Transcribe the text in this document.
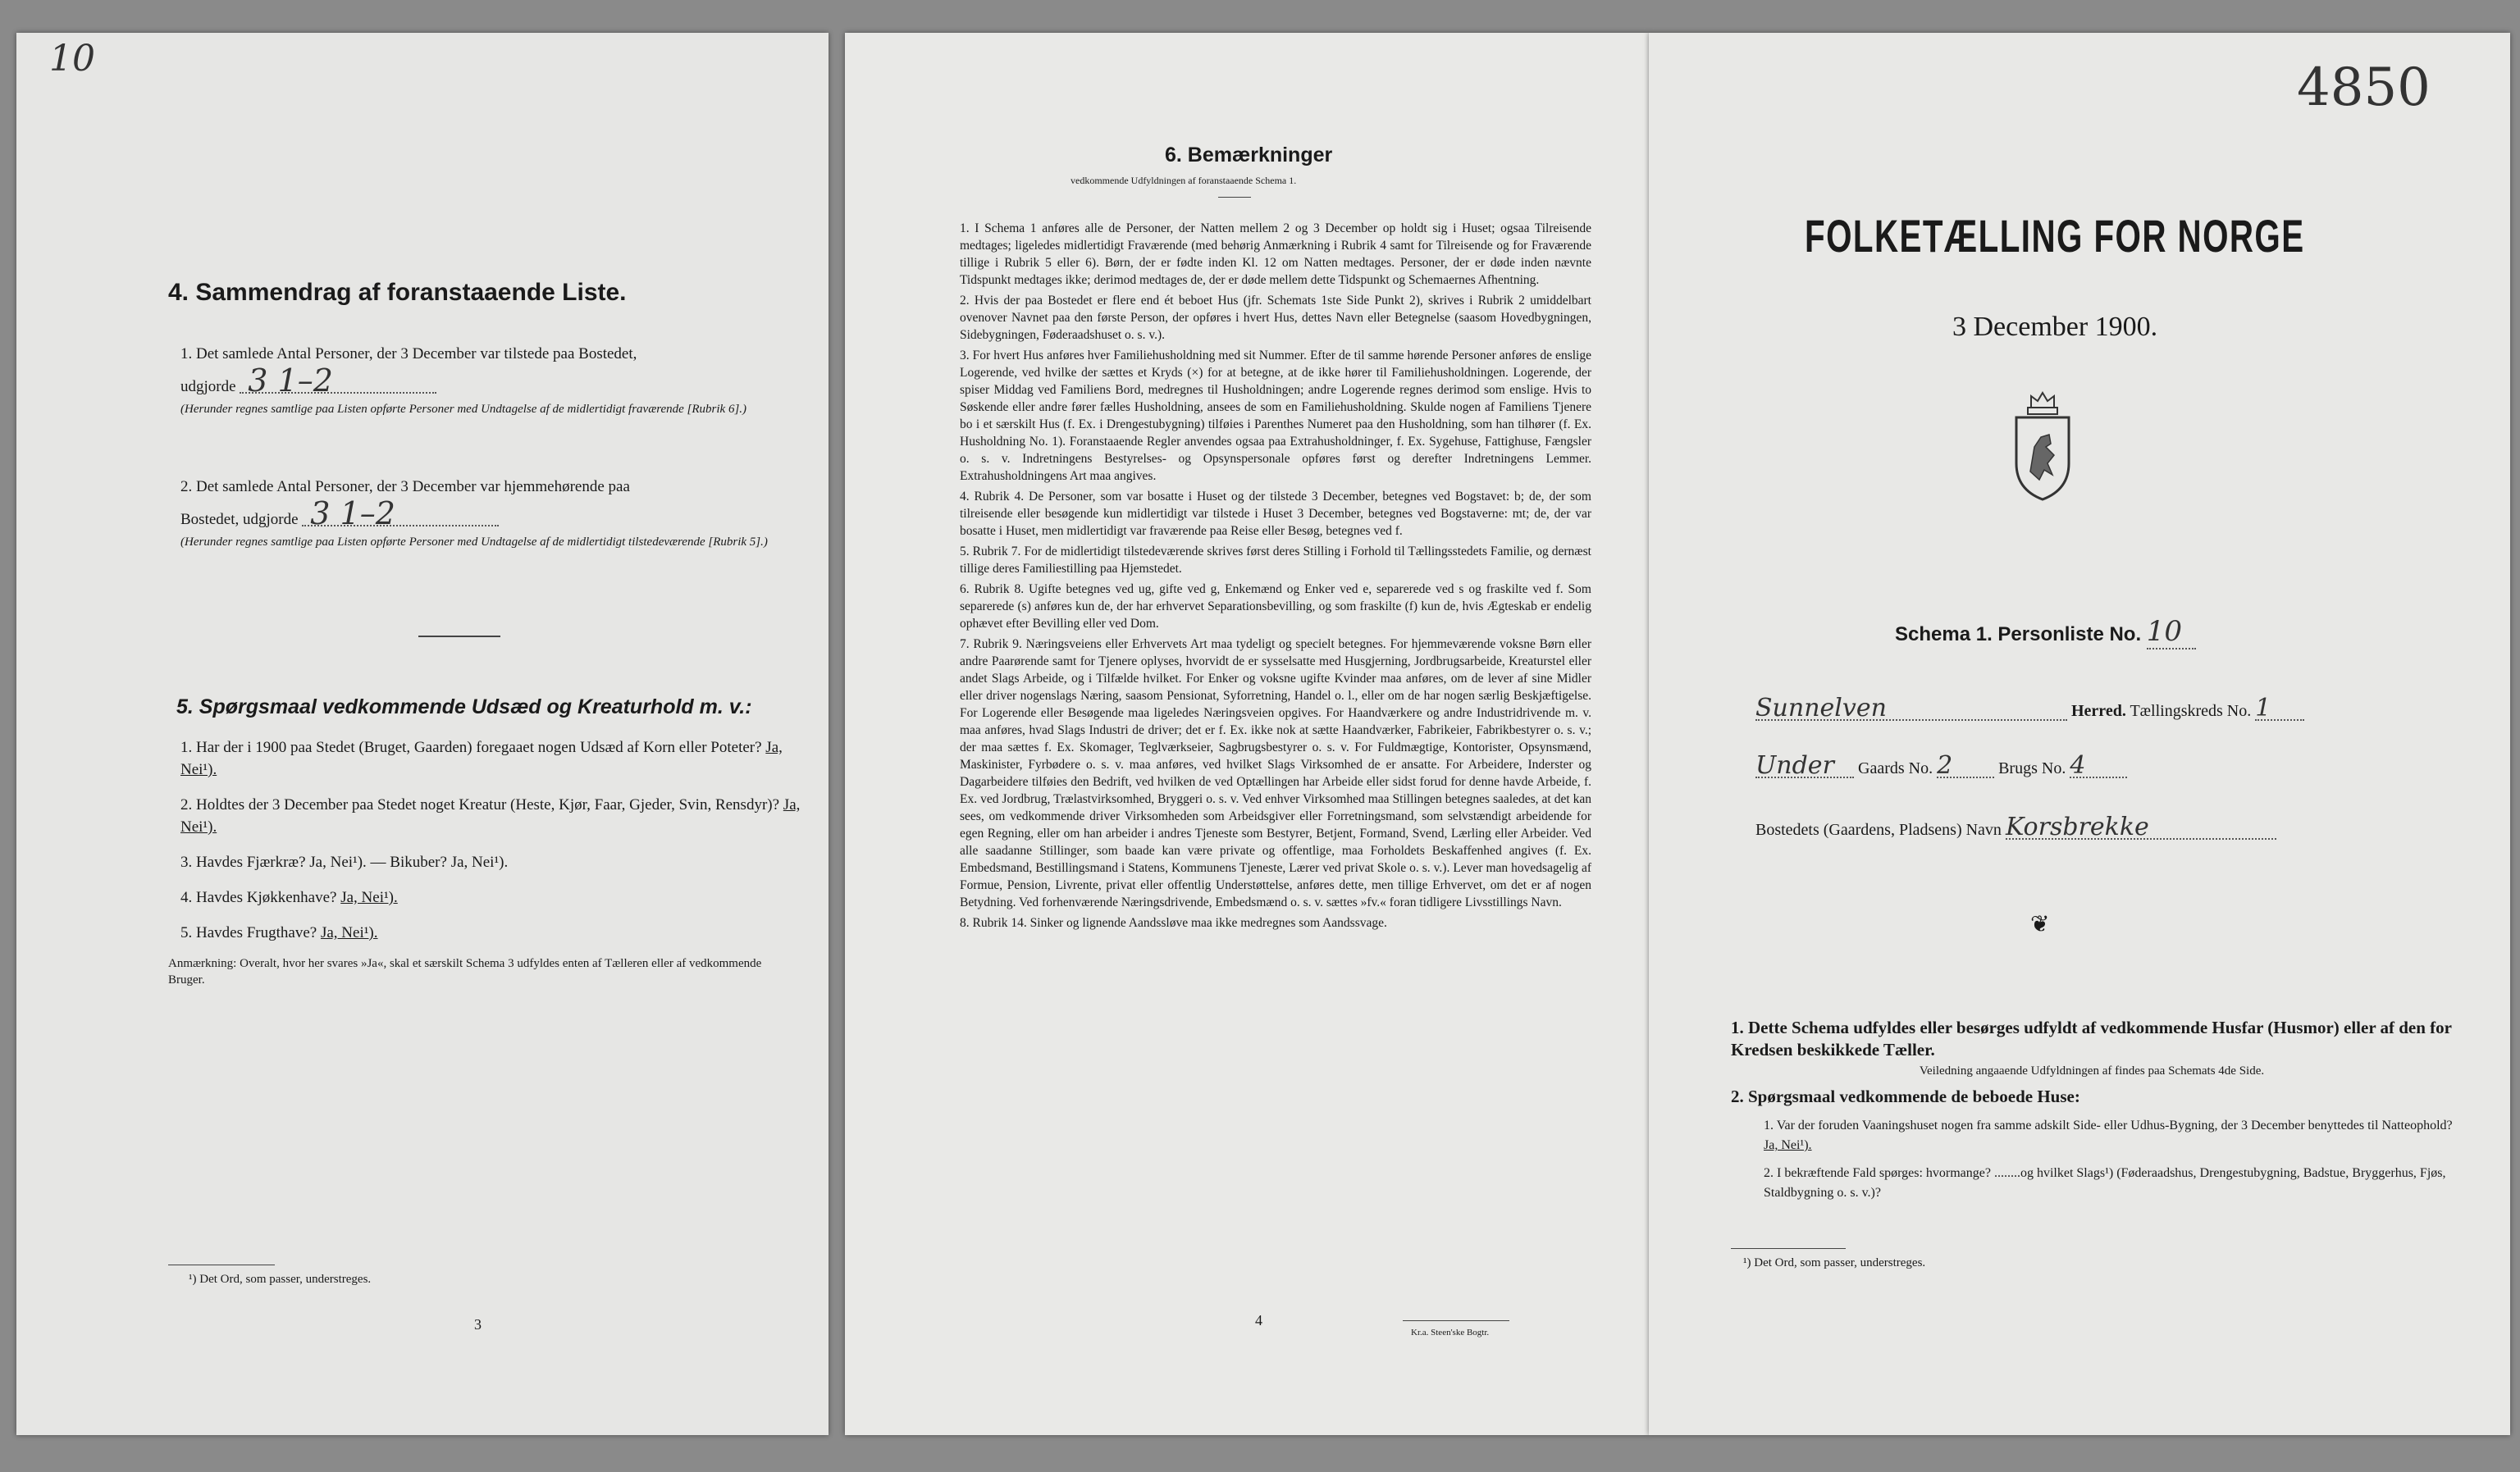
10
4. Sammendrag af foranstaaende Liste.
1. Det samlede Antal Personer, der 3 December var tilstede paa Bostedet,
udgjorde 3 1–2
(Herunder regnes samtlige paa Listen opførte Personer med Undtagelse af de midlertidigt fraværende [Rubrik 6].)
2. Det samlede Antal Personer, der 3 December var hjemmehørende paa
Bostedet, udgjorde 3 1–2
(Herunder regnes samtlige paa Listen opførte Personer med Undtagelse af de midlertidigt tilstedeværende [Rubrik 5].)
5. Spørgsmaal vedkommende Udsæd og Kreaturhold m. v.:
1. Har der i 1900 paa Stedet (Bruget, Gaarden) foregaaet nogen Udsæd af Korn eller Poteter? Ja, Nei¹).
2. Holdtes der 3 December paa Stedet noget Kreatur (Heste, Kjør, Faar, Gjeder, Svin, Rensdyr)? Ja, Nei¹).
3. Havdes Fjærkræ? Ja, Nei¹). — Bikuber? Ja, Nei¹).
4. Havdes Kjøkkenhave? Ja, Nei¹).
5. Havdes Frugthave? Ja, Nei¹).
Anmærkning: Overalt, hvor her svares »Ja«, skal et særskilt Schema 3 udfyldes enten af Tælleren eller af vedkommende Bruger.
¹) Det Ord, som passer, understreges.
3
6. Bemærkninger
vedkommende Udfyldningen af foranstaaende Schema 1.
1. I Schema 1 anføres alle de Personer, der Natten mellem 2 og 3 December op holdt sig i Huset; ogsaa Tilreisende medtages; ligeledes midlertidigt Fraværende (med behørig Anmærkning i Rubrik 4 samt for Tilreisende og for Fraværende tillige i Rubrik 5 eller 6). Børn, der er fødte inden Kl. 12 om Natten medtages. Personer, der er døde inden nævnte Tidspunkt medtages ikke; derimod medtages de, der er døde mellem dette Tidspunkt og Schemaernes Afhentning.
2. Hvis der paa Bostedet er flere end ét beboet Hus (jfr. Schemats 1ste Side Punkt 2), skrives i Rubrik 2 umiddelbart ovenover Navnet paa den første Person, der opføres i hvert Hus, dettes Navn eller Betegnelse (saasom Hovedbygningen, Sidebygningen, Føderaadshuset o. s. v.).
3. For hvert Hus anføres hver Familiehusholdning med sit Nummer. Efter de til samme hørende Personer anføres de enslige Logerende, ved hvilke der sættes et Kryds (×) for at betegne, at de ikke hører til Familiehusholdningen. Logerende, der spiser Middag ved Familiens Bord, medregnes til Husholdningen; andre Logerende regnes derimod som enslige. Hvis to Søskende eller andre fører fælles Husholdning, ansees de som en Familiehusholdning. Skulde nogen af Familiens Tjenere bo i et særskilt Hus (f. Ex. i Drengestubygning) tilføies i Parenthes Numeret paa den Husholdning, som han tilhører (f. Ex. Husholdning No. 1). Foranstaaende Regler anvendes ogsaa paa Extrahusholdninger, f. Ex. Sygehuse, Fattighuse, Fængsler o. s. v. Indretningens Bestyrelses- og Opsynspersonale opføres først og derefter Indretningens Lemmer. Extrahusholdningens Art maa angives.
4. Rubrik 4. De Personer, som var bosatte i Huset og der tilstede 3 December, betegnes ved Bogstavet: b; de, der som tilreisende eller besøgende kun midlertidigt var tilstede i Huset 3 December, betegnes ved Bogstaverne: mt; de, der var bosatte i Huset, men midlertidigt var fraværende paa Reise eller Besøg, betegnes ved f.
5. Rubrik 7. For de midlertidigt tilstedeværende skrives først deres Stilling i Forhold til Tællingsstedets Familie, og dernæst tillige deres Familiestilling paa Hjemstedet.
6. Rubrik 8. Ugifte betegnes ved ug, gifte ved g, Enkemænd og Enker ved e, separerede ved s og fraskilte ved f. Som separerede (s) anføres kun de, der har erhvervet Separationsbevilling, og som fraskilte (f) kun de, hvis Ægteskab er endelig ophævet efter Bevilling eller ved Dom.
7. Rubrik 9. Næringsveiens eller Erhvervets Art maa tydeligt og specielt betegnes. For hjemmeværende voksne Børn eller andre Paarørende samt for Tjenere oplyses, hvorvidt de er sysselsatte med Husgjerning, Jordbrugsarbeide, Kreaturstel eller andet Slags Arbeide, og i Tilfælde hvilket. For Enker og voksne ugifte Kvinder maa anføres, om de lever af sine Midler eller driver nogenslags Næring, saasom Pensionat, Syforretning, Handel o. l., eller om de har nogen særlig Beskjæftigelse. For Logerende eller Besøgende maa ligeledes Næringsveien opgives. For Haandværkere og andre Industridrivende m. v. maa anføres, hvad Slags Industri de driver; det er f. Ex. ikke nok at sætte Haandværker, Fabrikeier, Fabrikbestyrer o. s. v.; der maa sættes f. Ex. Skomager, Teglværkseier, Sagbrugsbestyrer o. s. v. For Fuldmægtige, Kontorister, Opsynsmænd, Maskinister, Fyrbødere o. s. v. maa anføres, ved hvilket Slags Virksomhed de er ansatte. For Arbeidere, Inderster og Dagarbeidere tilføies den Bedrift, ved hvilken de ved Optællingen har Arbeide eller sidst forud for denne havde Arbeide, f. Ex. ved Jordbrug, Trælastvirksomhed, Bryggeri o. s. v. Ved enhver Virksomhed maa Stillingen betegnes saaledes, at det kan sees, om vedkommende driver Virksomheden som Arbeidsgiver eller Forretningsmand, som selvstændigt arbeidende for egen Regning, eller om han arbeider i andres Tjeneste som Bestyrer, Betjent, Formand, Svend, Lærling eller Arbeider. Ved alle saadanne Stillinger, som baade kan være private og offentlige, maa Forholdets Beskaffenhed angives (f. Ex. Embedsmand, Bestillingsmand i Statens, Kommunens Tjeneste, Lærer ved privat Skole o. s. v.). Lever man hovedsagelig af Formue, Pension, Livrente, privat eller offentlig Understøttelse, anføres dette, men tillige Erhvervet, om det er af nogen Betydning. Ved forhenværende Næringsdrivende, Embedsmænd o. s. v. sættes »fv.« foran tidligere Livsstillings Navn.
8. Rubrik 14. Sinker og lignende Aandssløve maa ikke medregnes som Aandssvage.
4
Kr.a. Steen'ske Bogtr.
4850
FOLKETÆLLING FOR NORGE
3 December 1900.
Schema 1. Personliste No. 10
Sunnelven	Herred. Tællingskreds No. 1
Under Gaards No. 2	Brugs No. 4
Bostedets (Gaardens, Pladsens) Navn Korsbrekke
❦
1. Dette Schema udfyldes eller besørges udfyldt af vedkommende Husfar (Husmor) eller af den for Kredsen beskikkede Tæller.
Veiledning angaaende Udfyldningen af findes paa Schemats 4de Side.
2. Spørgsmaal vedkommende de beboede Huse:
1. Var der foruden Vaaningshuset nogen fra samme adskilt Side- eller Udhus-Bygning, der 3 December benyttedes til Natteophold? Ja, Nei¹).
2. I bekræftende Fald spørges: hvormange? ........og hvilket Slags¹) (Føderaadshus, Drengestubygning, Badstue, Bryggerhus, Fjøs, Staldbygning o. s. v.)?
¹) Det Ord, som passer, understreges.
